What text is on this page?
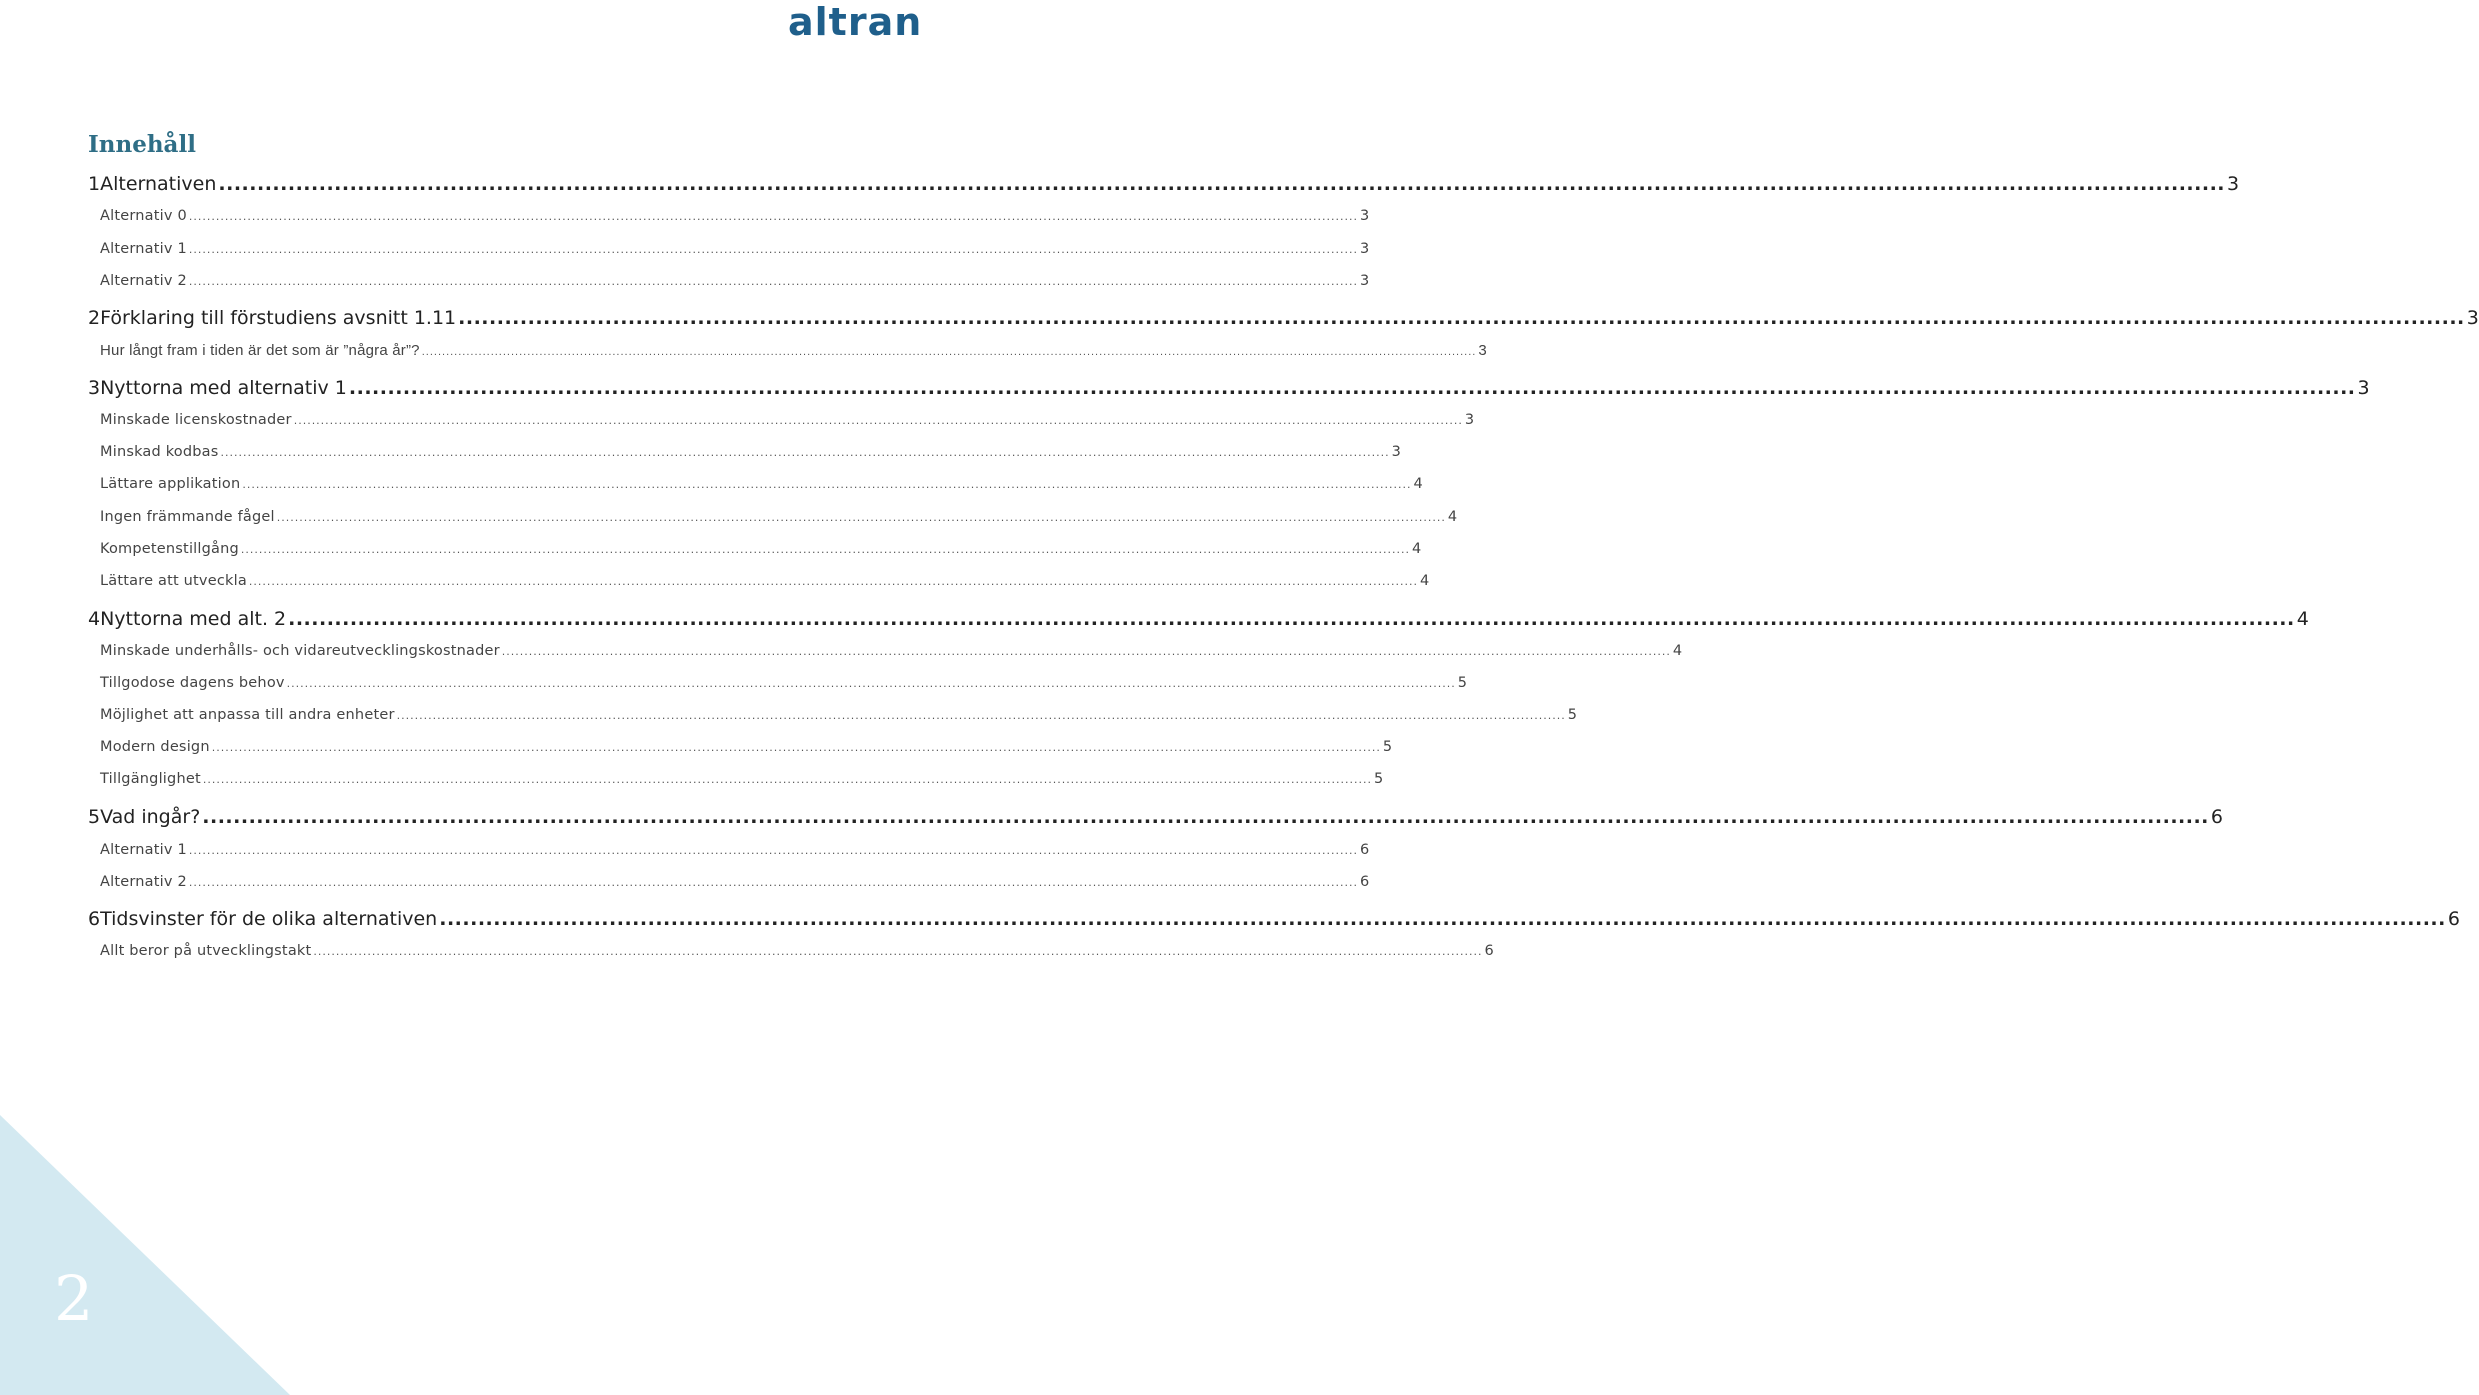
altran
Innehåll
1 Alternativen .................................................................................................................................................................................................................................................................... 3
Alternativ 0 .................................................................................................................................................................................................................................................................... 3
Alternativ 1 .................................................................................................................................................................................................................................................................... 3
Alternativ 2 .................................................................................................................................................................................................................................................................... 3
2 Förklaring till förstudiens avsnitt 1.11 .................................................................................................................................................................................................................................................................... 3
Hur långt fram i tiden är det som är ”några år”? .................................................................................................................................................................................................................................................................... 3
3 Nyttorna med alternativ 1 .................................................................................................................................................................................................................................................................... 3
Minskade licenskostnader .................................................................................................................................................................................................................................................................... 3
Minskad kodbas .................................................................................................................................................................................................................................................................... 3
Lättare applikation .................................................................................................................................................................................................................................................................... 4
Ingen främmande fågel .................................................................................................................................................................................................................................................................... 4
Kompetenstillgång .................................................................................................................................................................................................................................................................... 4
Lättare att utveckla .................................................................................................................................................................................................................................................................... 4
4 Nyttorna med alt. 2 .................................................................................................................................................................................................................................................................... 4
Minskade underhålls- och vidareutvecklingskostnader .................................................................................................................................................................................................................................................................... 4
Tillgodose dagens behov .................................................................................................................................................................................................................................................................... 5
Möjlighet att anpassa till andra enheter .................................................................................................................................................................................................................................................................... 5
Modern design .................................................................................................................................................................................................................................................................... 5
Tillgänglighet .................................................................................................................................................................................................................................................................... 5
5 Vad ingår? .................................................................................................................................................................................................................................................................... 6
Alternativ 1 .................................................................................................................................................................................................................................................................... 6
Alternativ 2 .................................................................................................................................................................................................................................................................... 6
6 Tidsvinster för de olika alternativen .................................................................................................................................................................................................................................................................... 6
Allt beror på utvecklingstakt .................................................................................................................................................................................................................................................................... 6

2
